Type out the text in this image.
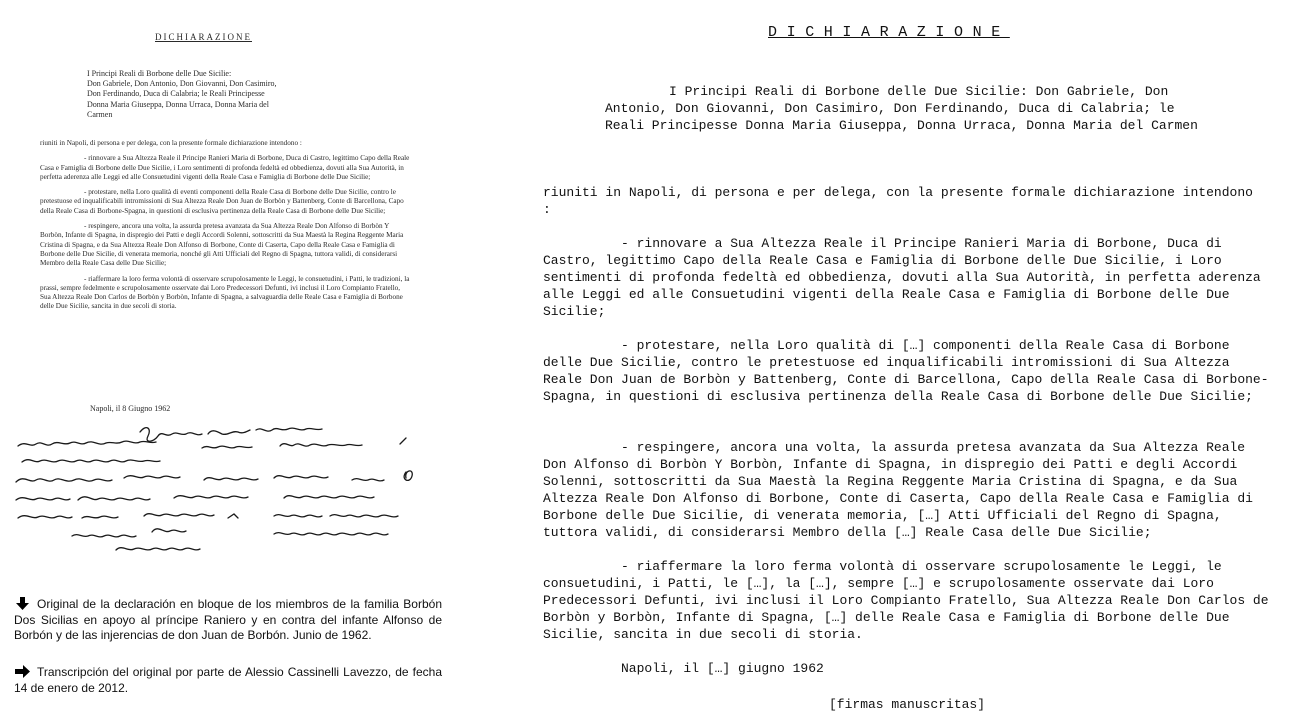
DICHIARAZIONE
I Principi Reali di Borbone delle Due Sicilie:
Don Gabriele, Don Antonio, Don Giovanni, Don Casimiro,
Don Ferdinando, Duca di Calabria; le Reali Principesse
Donna Maria Giuseppa, Donna Urraca, Donna Maria del
Carmen

riuniti in Napoli, di persona e per delega, con la presente formale dichiarazione intendono :

- rinnovare a Sua Altezza Reale il Principe Ranieri Maria di Borbone, Duca di Castro, legittimo Capo della Reale Casa e Famiglia di Borbone delle Due Sicilie, i Loro sentimenti di profonda fedeltà ed obbedienza, dovuti alla Sua Autorità, in perfetta aderenza alle Leggi ed alle Consuetudini vigenti della Reale Casa e Famiglia di Borbone delle Due Sicilie;

- protestare, nella Loro qualità di eventi componenti della Reale Casa di Borbone delle Due Sicilie, contro le pretestuose ed inqualificabili intromissioni di Sua Altezza Reale Don Juan de Borbòn y Battenberg, Conte di Barcellona, Capo della Reale Casa di Borbone-Spagna, in questioni di esclusiva pertinenza della Reale Casa di Borbone delle Due Sicilie;

- respingere, ancora una volta, la assurda pretesa avanzata da Sua Altezza Reale Don Alfonso di Borbòn Y Borbòn, Infante di Spagna, in dispregio dei Patti e degli Accordi Solenni, sottoscritti da Sua Maestà la Regina Reggente Maria Cristina di Spagna, e da Sua Altezza Reale Don Alfonso di Borbone, Conte di Caserta, Capo della Reale Casa e Famiglia di Borbone delle Due Sicilie, di venerata memoria, nonché gli Atti Ufficiali del Regno di Spagna, tuttora validi, di considerarsi Membro della Reale Casa delle Due Sicilie;

- riaffermare la loro ferma volontà di osservare scrupolosamente le Leggi, le consuetudini, i Patti, le tradizioni, la prassi, sempre fedelmente e scrupolosamente osservate dai Loro Predecessori Defunti, ivi inclusi il Loro Compianto Fratello, Sua Altezza Reale Don Carlos de Borbòn y Borbòn, Infante di Spagna, a salvaguardia delle Reale Casa e Famiglia di Borbone delle Due Sicilie, sancita in due secoli di storia.

Napoli, il 8 Giugno 1962
Original de la declaración en bloque de los miembros de la familia Borbón Dos Sicilias en apoyo al príncipe Raniero y en contra del infante Alfonso de Borbón y de las injerencias de don Juan de Borbón. Junio de 1962.
Transcripción del original por parte de Alessio Cassinelli Lavezzo, de fecha 14 de enero de 2012.
DICHIARAZIONE

I Principi Reali di Borbone delle Due Sicilie: Don Gabriele, Don Antonio, Don Giovanni, Don Casimiro, Don Ferdinando, Duca di Calabria; le Reali Principesse Donna Maria Giuseppa, Donna Urraca, Donna Maria del Carmen

riuniti in Napoli, di persona e per delega, con la presente formale dichiarazione intendono :

- rinnovare a Sua Altezza Reale il Principe Ranieri Maria di Borbone, Duca di Castro, legittimo Capo della Reale Casa e Famiglia di Borbone delle Due Sicilie, i Loro sentimenti di profonda fedeltà ed obbedienza, dovuti alla Sua Autorità, in perfetta aderenza alle Leggi ed alle Consuetudini vigenti della Reale Casa e Famiglia di Borbone delle Due Sicilie;

- protestare, nella Loro qualità di […] componenti della Reale Casa di Borbone delle Due Sicilie, contro le pretestuose ed inqualificabili intromissioni di Sua Altezza Reale Don Juan de Borbòn y Battenberg, Conte di Barcellona, Capo della Reale Casa di Borbone-Spagna, in questioni di esclusiva pertinenza della Reale Casa di Borbone delle Due Sicilie;

- respingere, ancora una volta, la assurda pretesa avanzata da Sua Altezza Reale Don Alfonso di Borbòn Y Borbòn, Infante di Spagna, in dispregio dei Patti e degli Accordi Solenni, sottoscritti da Sua Maestà la Regina Reggente Maria Cristina di Spagna, e da Sua Altezza Reale Don Alfonso di Borbone, Conte di Caserta, Capo della Reale Casa e Famiglia di Borbone delle Due Sicilie, di venerata memoria, […] Atti Ufficiali del Regno di Spagna, tuttora validi, di considerarsi Membro della […] Reale Casa delle Due Sicilie;

- riaffermare la loro ferma volontà di osservare scrupolosamente le Leggi, le consuetudini, i Patti, le […], la […], sempre […] e scrupolosamente osservate dai Loro Predecessori Defunti, ivi inclusi il Loro Compianto Fratello, Sua Altezza Reale Don Carlos de Borbòn y Borbòn, Infante di Spagna, […] delle Reale Casa e Famiglia di Borbone delle Due Sicilie, sancita in due secoli di storia.

Napoli, il […] giugno 1962
[firmas manuscritas]
